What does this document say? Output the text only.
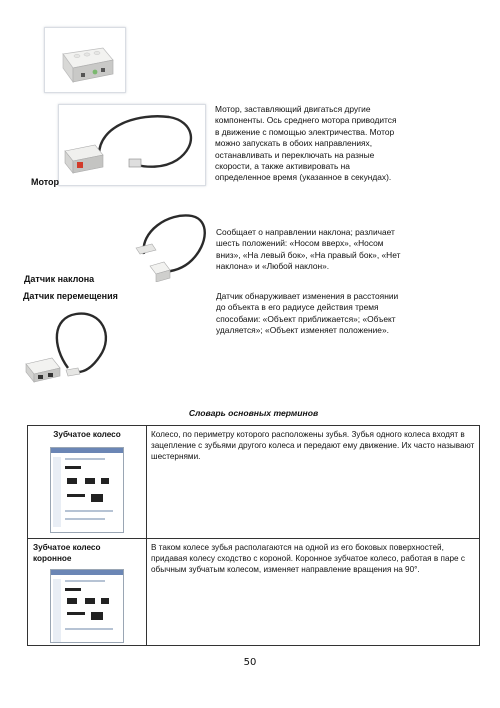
Мотор
Мотор, заставляющий двигаться другие компоненты. Ось среднего мотора приводится в движение с помощью электричества. Мотор можно запускать в обоих направлениях, останавливать и переключать на разные скорости, а также активировать на определенное время (указанное в секундах).
Датчик наклона
Сообщает о направлении наклона; различает шесть положений: «Носом вверх», «Носом вниз», «На левый бок», «На правый бок», «Нет наклона» и «Любой наклон».
Датчик перемещения	Датчик обнаруживает изменения в расстоянии до объекта в его радиусе действия тремя способами: «Объект приближается»; «Объект удаляется»; «Объект изменяет положение».
Словарь основных терминов
Зубчатое колесо	Колесо, по периметру которого расположены зубья. Зубья одного колеса входят в зацепление с зубьями другого колеса и передают ему движение. Их часто называют шестернями.

Зубчатое колесо коронное	В таком колесе зубья располагаются на одной из его боковых поверхностей, придавая колесу сходство с короной. Коронное зубчатое колесо, работая в паре с обычным зубчатым колесом, изменяет направление вращения на 90°.
50
